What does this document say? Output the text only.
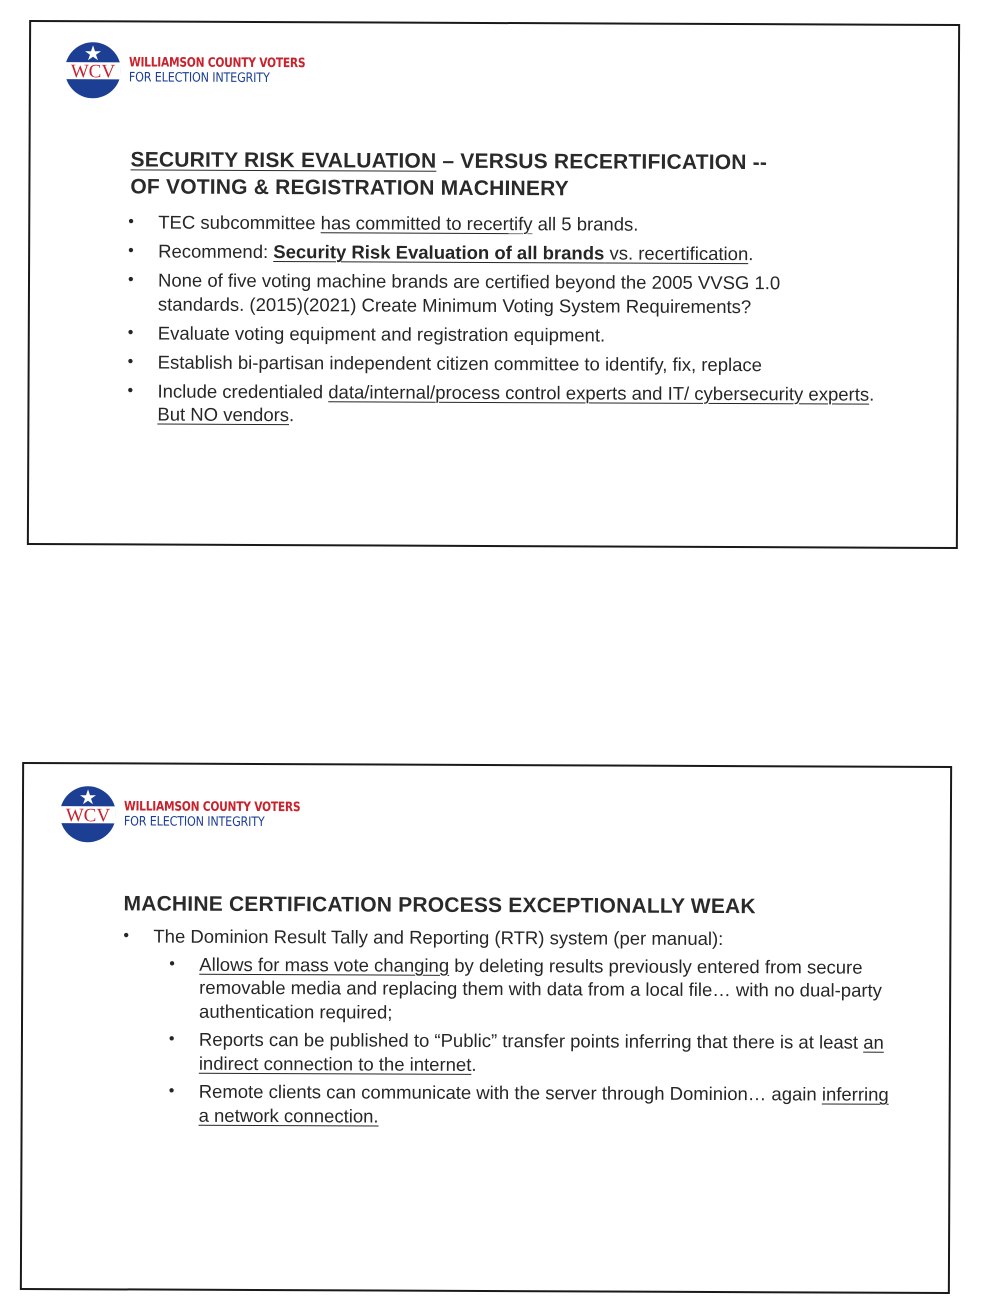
WCV WILLIAMSON COUNTY VOTERS
FOR ELECTION INTEGRITY
SECURITY RISK EVALUATION – VERSUS RECERTIFICATION --
OF VOTING & REGISTRATION MACHINERY
• TEC subcommittee has committed to recertify all 5 brands.
• Recommend: Security Risk Evaluation of all brands vs. recertification.
• None of five voting machine brands are certified beyond the 2005 VVSG 1.0
standards. (2015)(2021) Create Minimum Voting System Requirements?
• Evaluate voting equipment and registration equipment.
• Establish bi-partisan independent citizen committee to identify, fix, replace
• Include credentialed data/internal/process control experts and IT/ cybersecurity experts. But NO vendors.
WCV WILLIAMSON COUNTY VOTERS
FOR ELECTION INTEGRITY
MACHINE CERTIFICATION PROCESS EXCEPTIONALLY WEAK
• The Dominion Result Tally and Reporting (RTR) system (per manual):
• Allows for mass vote changing by deleting results previously entered from secure removable media and replacing them with data from a local file… with no dual-party authentication required;
• Reports can be published to “Public” transfer points inferring that there is at least an indirect connection to the internet.
• Remote clients can communicate with the server through Dominion… again inferring a network connection.
